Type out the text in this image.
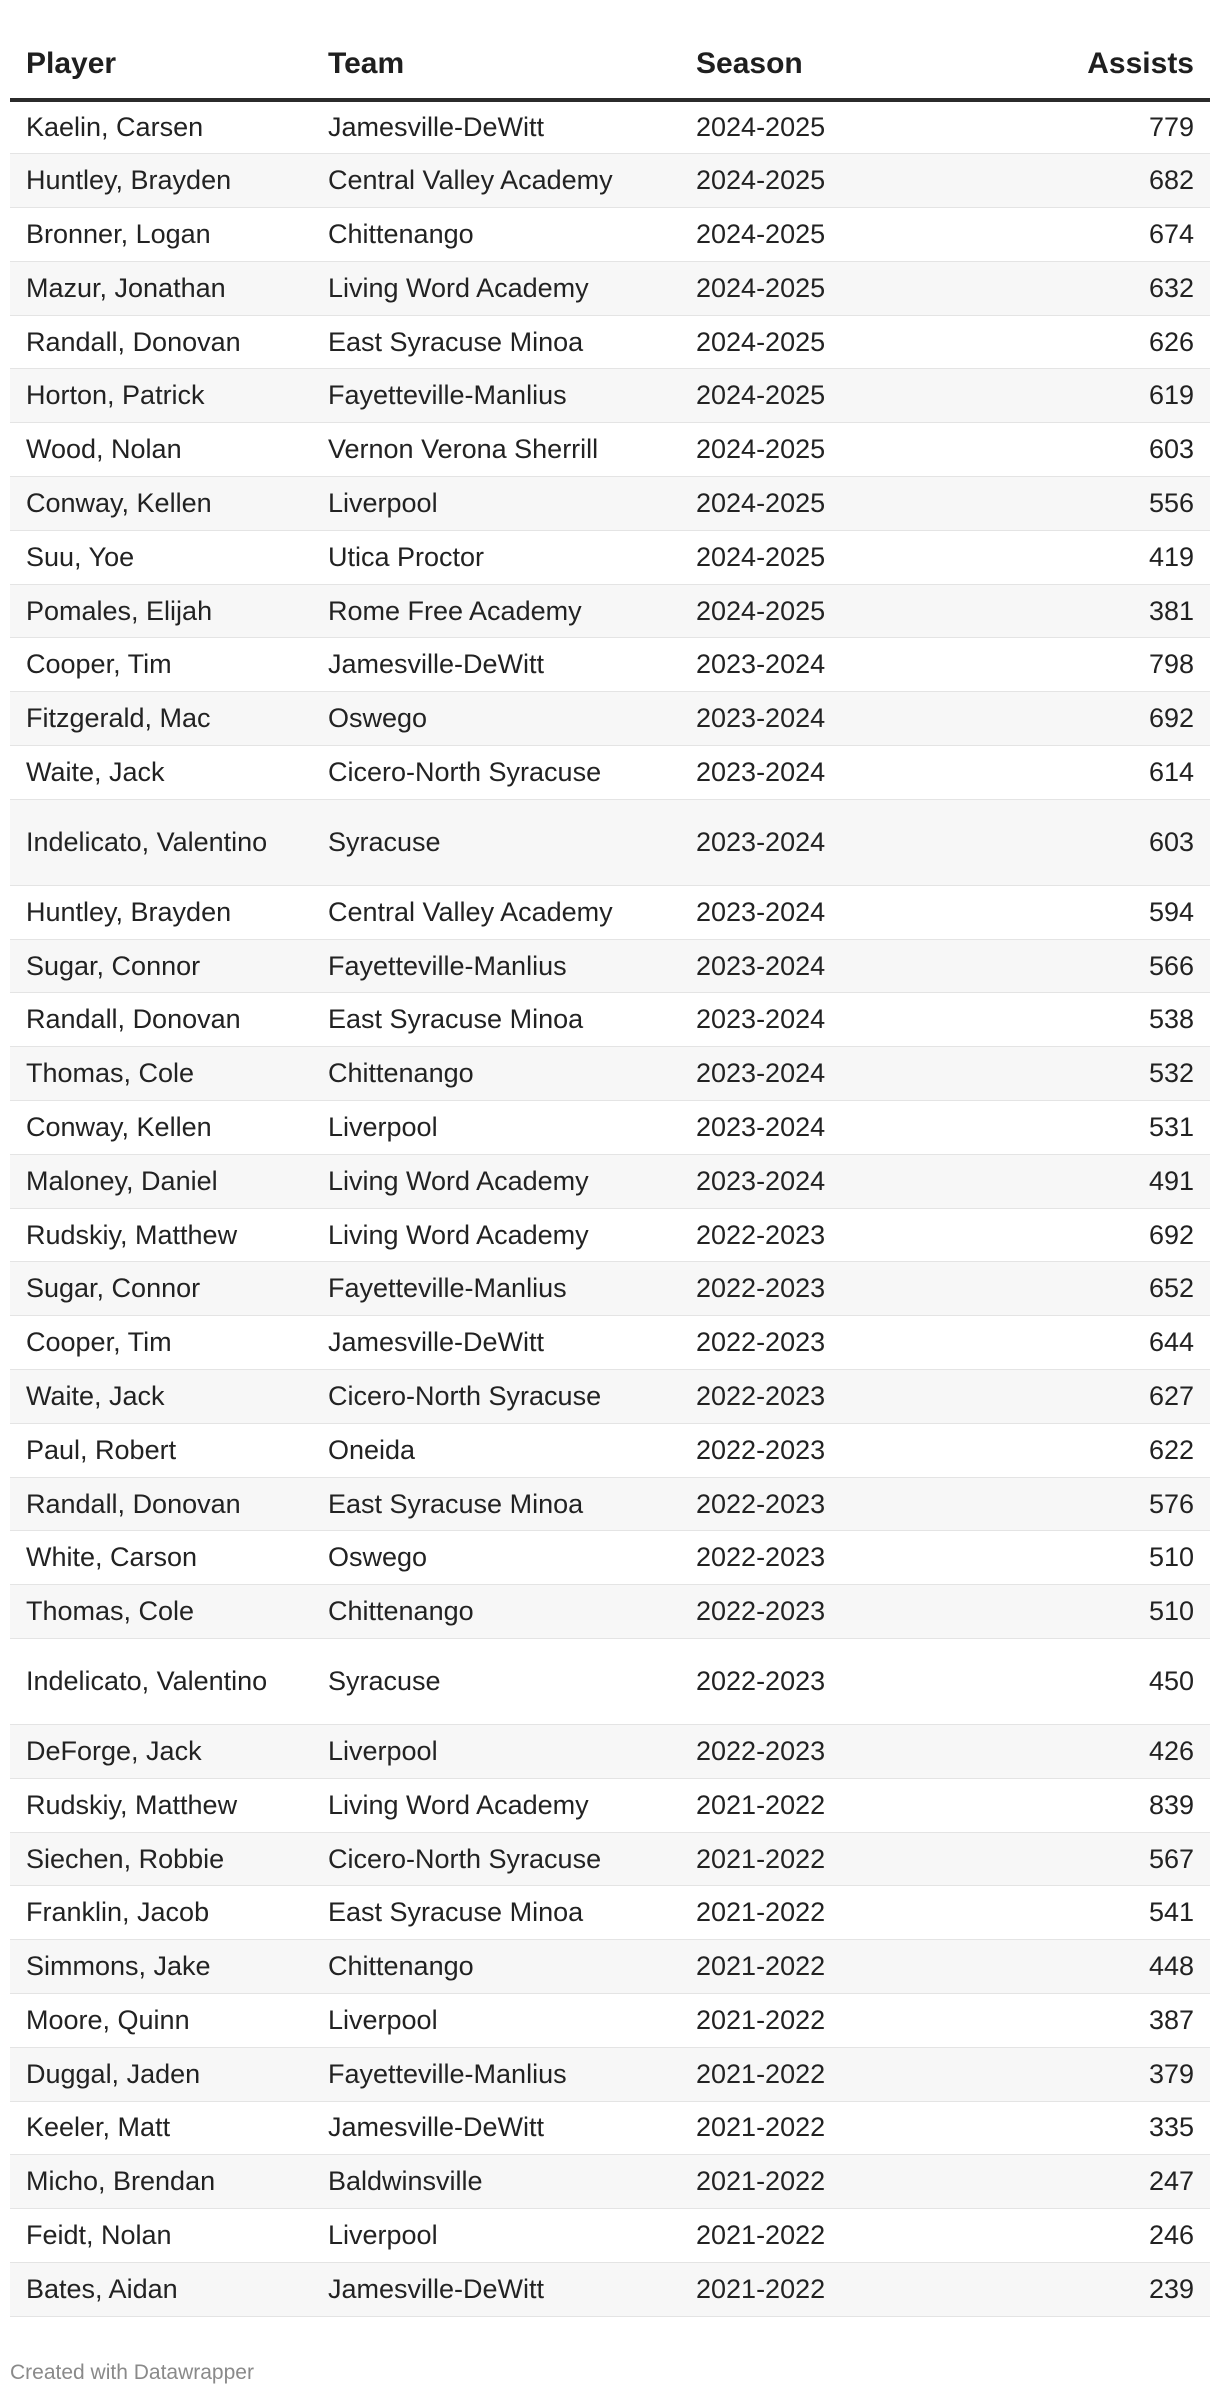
Player	Team	Season	Assists
Kaelin, Carsen	Jamesville-DeWitt	2024-2025	779
Huntley, Brayden	Central Valley Academy	2024-2025	682
Bronner, Logan	Chittenango	2024-2025	674
Mazur, Jonathan	Living Word Academy	2024-2025	632
Randall, Donovan	East Syracuse Minoa	2024-2025	626
Horton, Patrick	Fayetteville-Manlius	2024-2025	619
Wood, Nolan	Vernon Verona Sherrill	2024-2025	603
Conway, Kellen	Liverpool	2024-2025	556
Suu, Yoe	Utica Proctor	2024-2025	419
Pomales, Elijah	Rome Free Academy	2024-2025	381
Cooper, Tim	Jamesville-DeWitt	2023-2024	798
Fitzgerald, Mac	Oswego	2023-2024	692
Waite, Jack	Cicero-North Syracuse	2023-2024	614
Indelicato, Valentino	Syracuse	2023-2024	603
Huntley, Brayden	Central Valley Academy	2023-2024	594
Sugar, Connor	Fayetteville-Manlius	2023-2024	566
Randall, Donovan	East Syracuse Minoa	2023-2024	538
Thomas, Cole	Chittenango	2023-2024	532
Conway, Kellen	Liverpool	2023-2024	531
Maloney, Daniel	Living Word Academy	2023-2024	491
Rudskiy, Matthew	Living Word Academy	2022-2023	692
Sugar, Connor	Fayetteville-Manlius	2022-2023	652
Cooper, Tim	Jamesville-DeWitt	2022-2023	644
Waite, Jack	Cicero-North Syracuse	2022-2023	627
Paul, Robert	Oneida	2022-2023	622
Randall, Donovan	East Syracuse Minoa	2022-2023	576
White, Carson	Oswego	2022-2023	510
Thomas, Cole	Chittenango	2022-2023	510
Indelicato, Valentino	Syracuse	2022-2023	450
DeForge, Jack	Liverpool	2022-2023	426
Rudskiy, Matthew	Living Word Academy	2021-2022	839
Siechen, Robbie	Cicero-North Syracuse	2021-2022	567
Franklin, Jacob	East Syracuse Minoa	2021-2022	541
Simmons, Jake	Chittenango	2021-2022	448
Moore, Quinn	Liverpool	2021-2022	387
Duggal, Jaden	Fayetteville-Manlius	2021-2022	379
Keeler, Matt	Jamesville-DeWitt	2021-2022	335
Micho, Brendan	Baldwinsville	2021-2022	247
Feidt, Nolan	Liverpool	2021-2022	246
Bates, Aidan	Jamesville-DeWitt	2021-2022	239
Created with Datawrapper
